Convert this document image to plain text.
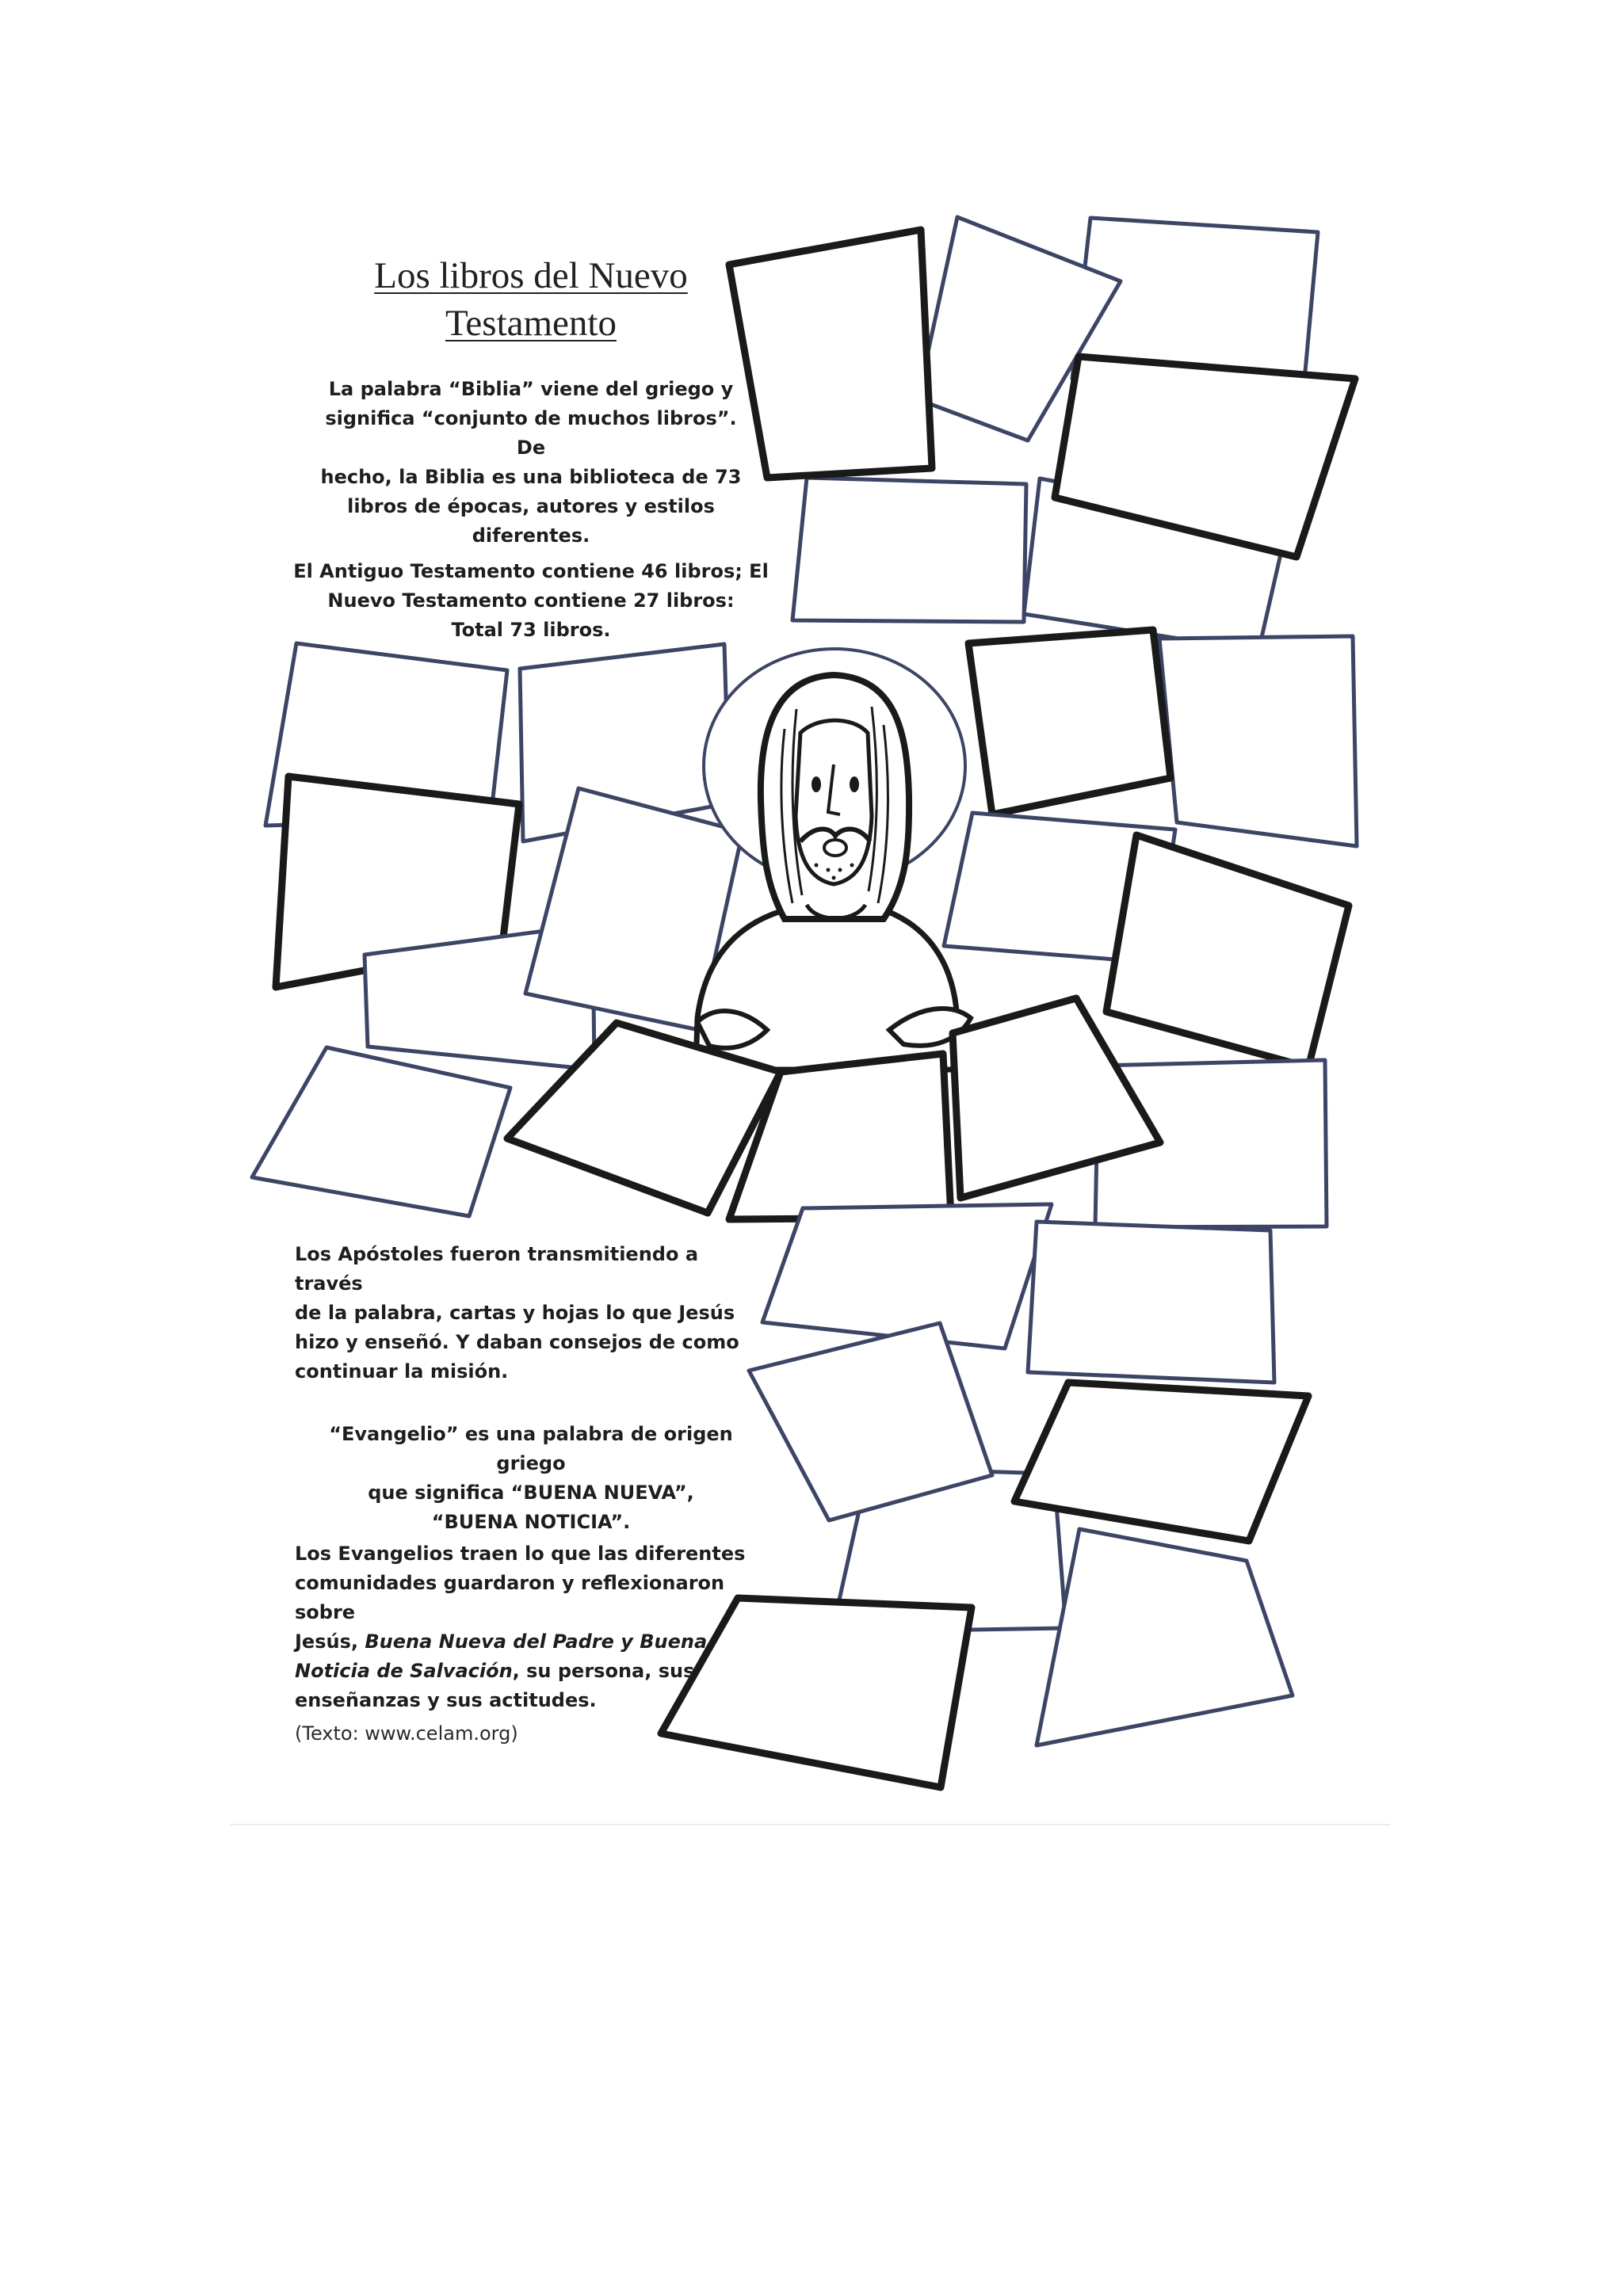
Los libros del Nuevo
Testamento
La palabra “Biblia” viene del griego y
significa “conjunto de muchos libros”. De
hecho, la Biblia es una biblioteca de 73
libros de épocas, autores y estilos
diferentes.
El Antiguo Testamento contiene 46 libros; El
Nuevo Testamento contiene 27 libros:
Total 73 libros.
Los Apóstoles fueron transmitiendo a través
de la palabra, cartas y hojas lo que Jesús
hizo y enseñó. Y daban consejos de como
continuar la misión.
“Evangelio” es una palabra de origen griego
que significa “BUENA NUEVA”,
“BUENA NOTICIA”.
Los Evangelios traen lo que las diferentes
comunidades guardaron y reflexionaron sobre
Jesús, Buena Nueva del Padre y Buena
Noticia de Salvación, su persona, sus
enseñanzas y sus actitudes.
(Texto: www.celam.org)
